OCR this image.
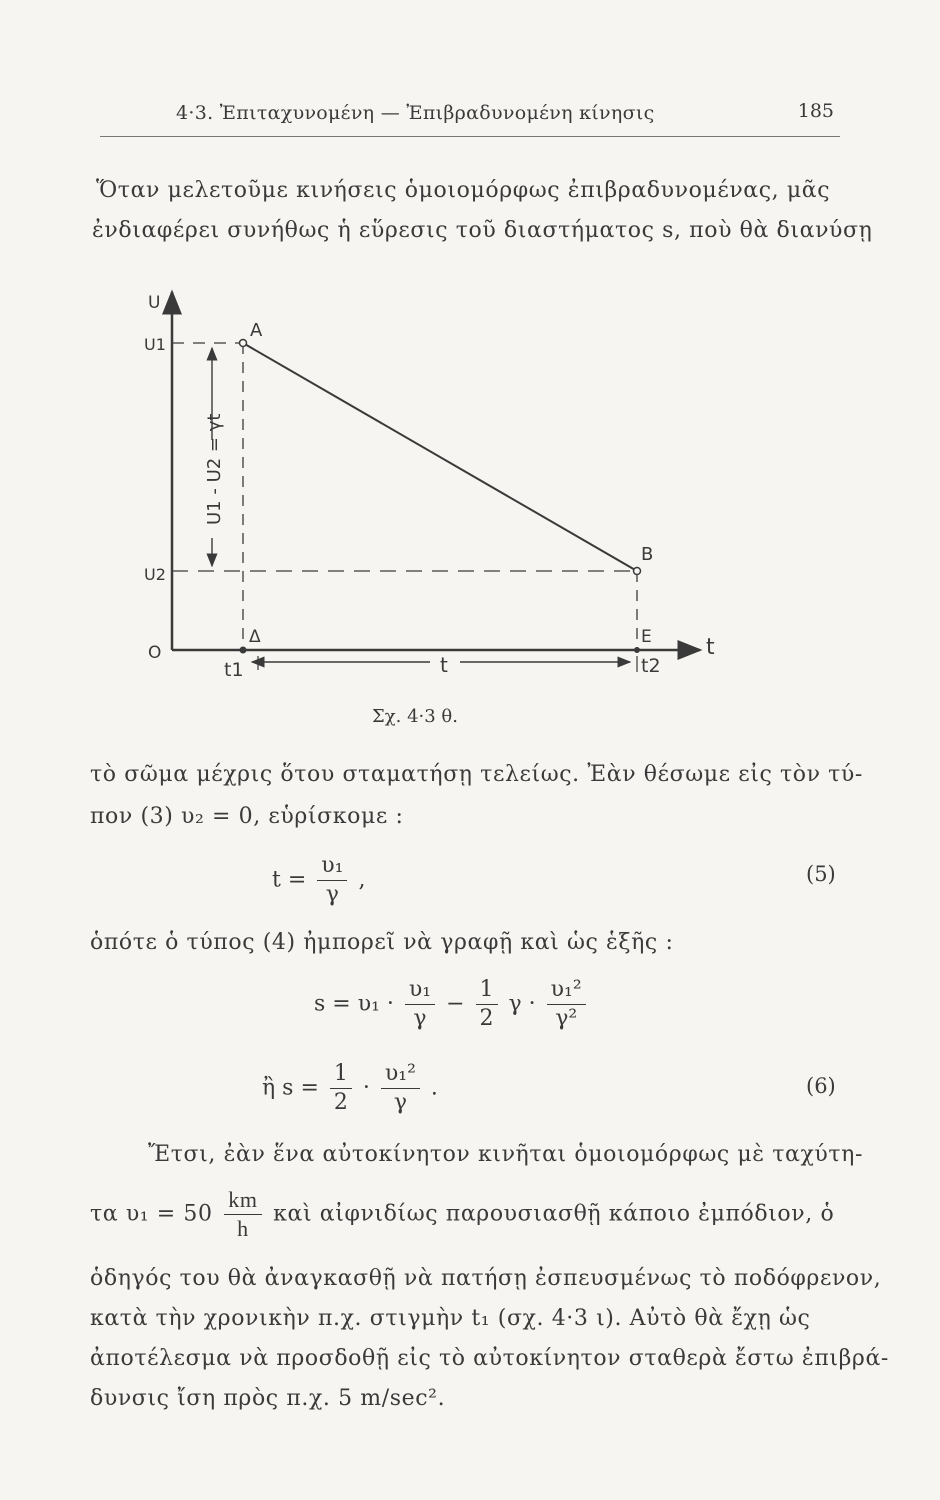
4·3. Ἐπιταχυνομένη — Ἐπιβραδυνομένη κίνησις	185

Ὅταν μελετοῦμε κινήσεις ὁμοιομόρφως ἐπιβραδυνομένας, μᾶς

ἐνδιαφέρει συνήθως ἡ εὕρεσις τοῦ διαστήματος s, ποὺ θὰ διανύσῃ

U
U1
U2
O
A
B
Δ	E t
t1	t2
t
U1 - U2 = γt
Σχ. 4·3 θ.

τὸ σῶμα μέχρις ὅτου σταματήσῃ τελείως. Ἐὰν θέσωμε εἰς τὸν τύ-

πον (3) υ₂ = 0, εὑρίσκομε :

$t = \frac{\text{υ₁}}{\gamma}$ ,	(5)

ὁπότε ὁ τύπος (4) ἠμπορεῖ νὰ γραφῇ καὶ ὡς ἑξῆς :

$s = \upsilon_1 \cdot \frac{\text{υ₁}}{\gamma} - \frac{1}{2}$ $\gamma \cdot \frac{\text{υ₁²}}{\text{γ²}}$
ἢ $s = \frac{1}{2} \cdot \frac{\text{υ₁²}}{\gamma}$ .	(6)

Ἔτσι, ἐὰν ἕνα αὐτοκίνητον κινῆται ὁμοιομόρφως μὲ ταχύτη-

τα $\upsilon_1 = 50 \frac{km}{h}$ καὶ αἰφνιδίως παρουσιασθῇ κάποιο ἐμπόδιον, ὁ

ὁδηγός του θὰ ἀναγκασθῇ νὰ πατήσῃ ἐσπευσμένως τὸ ποδόφρενον,

κατὰ τὴν χρονικὴν π.χ. στιγμὴν t₁ (σχ. 4·3 ι). Αὐτὸ θὰ ἔχῃ ὡς

ἀποτέλεσμα νὰ προσδοθῇ εἰς τὸ αὐτοκίνητον σταθερὰ ἔστω ἐπιβρά-

δυνσις ἴση πρὸς π.χ. 5 m/sec².
